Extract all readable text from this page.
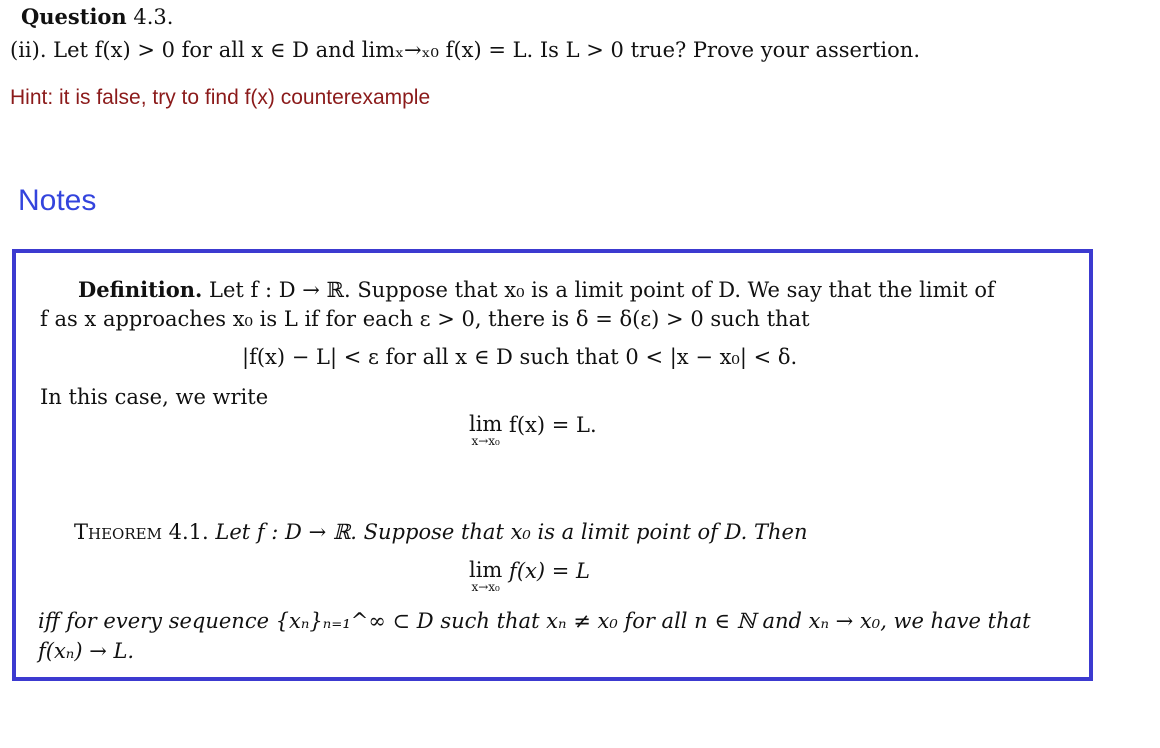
Question 4.3.
(ii). Let f(x) > 0 for all x ∈ D and limₓ→ₓ₀ f(x) = L. Is L > 0 true? Prove your assertion.
Hint: it is false, try to find f(x) counterexample
Notes
Definition. Let f : D → ℝ. Suppose that x₀ is a limit point of D. We say that the limit of
f as x approaches x₀ is L if for each ε > 0, there is δ = δ(ε) > 0 such that
|f(x) − L| < ε for all x ∈ D such that 0 < |x − x₀| < δ.
In this case, we write
lim
x→x₀
f(x) = L.
Theorem 4.1. Let f : D → ℝ. Suppose that x₀ is a limit point of D. Then
lim
x→x₀
f(x) = L
iff for every sequence {xₙ}ₙ₌₁^∞ ⊂ D such that xₙ ≠ x₀ for all n ∈ ℕ and xₙ → x₀, we have that
f(xₙ) → L.
